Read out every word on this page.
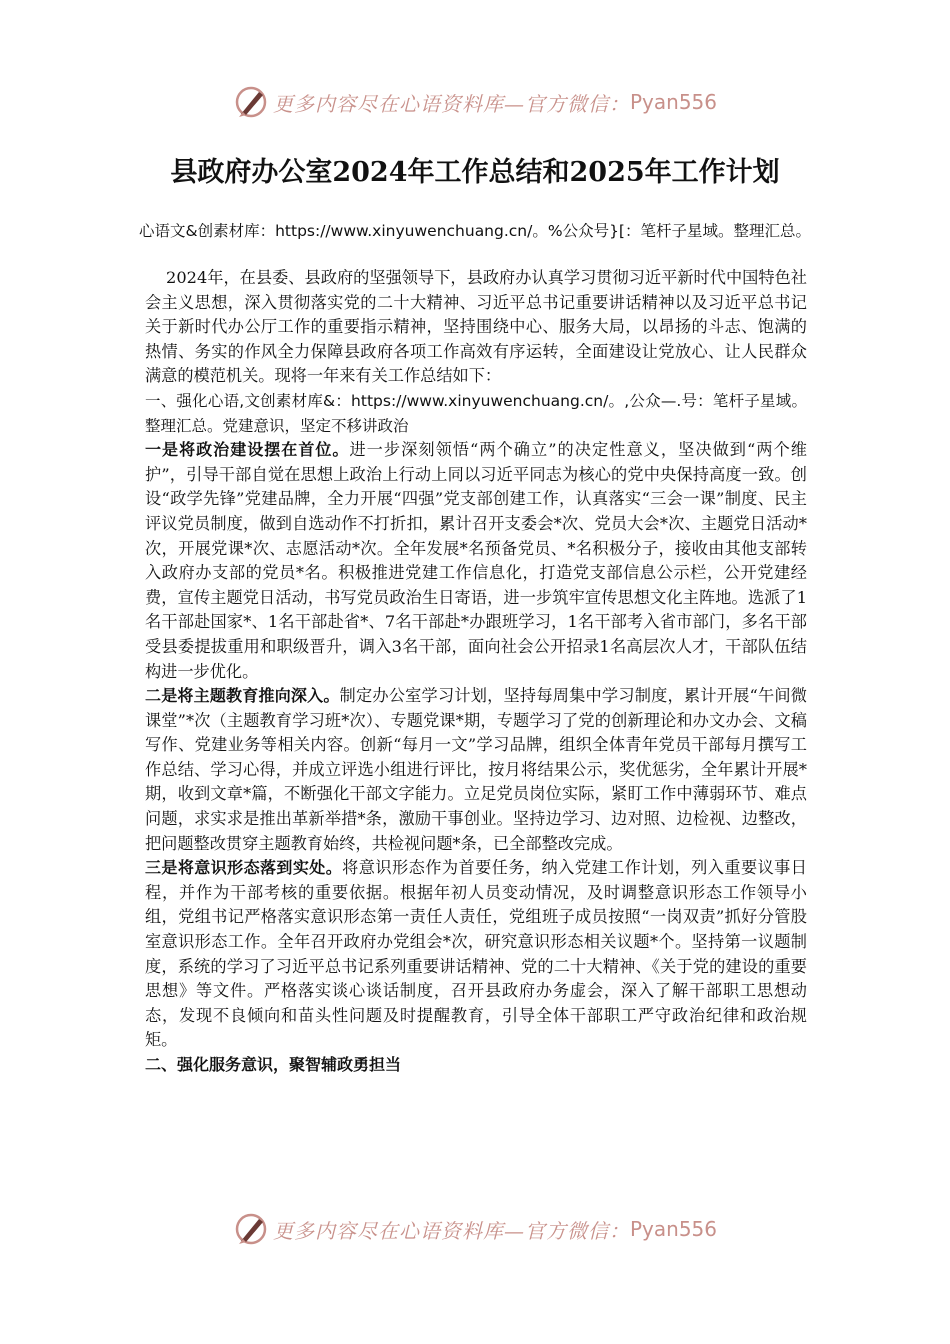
更多内容尽在心语资料库—官方微信： Pyan556
县政府办公室2024年工作总结和2025年工作计划
心语文&创素材库：https://www.xinyuwenchuang.cn/。%公众号}[：笔杆子星域。整理汇总。

2024年，在县委、县政府的坚强领导下，县政府办认真学习贯彻习近平新时代中国特色社会主义思想，深入贯彻落实党的二十大精神、习近平总书记重要讲话精神以及习近平总书记关于新时代办公厅工作的重要指示精神，坚持围绕中心、服务大局，以昂扬的斗志、饱满的热情、务实的作风全力保障县政府各项工作高效有序运转，全面建设让党放心、让人民群众满意的模范机关。现将一年来有关工作总结如下：

一、强化心语,文创素材库&：https://www.xinyuwenchuang.cn/。,公众—.号：笔杆子星域。整理汇总。党建意识，坚定不移讲政治

一是将政治建设摆在首位。进一步深刻领悟“两个确立”的决定性意义，坚决做到“两个维护”，引导干部自觉在思想上政治上行动上同以习近平同志为核心的党中央保持高度一致。创设“政学先锋”党建品牌，全力开展“四强”党支部创建工作，认真落实“三会一课”制度、民主评议党员制度，做到自选动作不打折扣，累计召开支委会*次、党员大会*次、主题党日活动*次，开展党课*次、志愿活动*次。全年发展*名预备党员、*名积极分子，接收由其他支部转入政府办支部的党员*名。积极推进党建工作信息化，打造党支部信息公示栏，公开党建经费，宣传主题党日活动，书写党员政治生日寄语，进一步筑牢宣传思想文化主阵地。选派了1名干部赴国家*、1名干部赴省*、7名干部赴*办跟班学习，1名干部考入省市部门，多名干部受县委提拔重用和职级晋升，调入3名干部，面向社会公开招录1名高层次人才，干部队伍结构进一步优化。

二是将主题教育推向深入。制定办公室学习计划，坚持每周集中学习制度，累计开展“午间微课堂”*次（主题教育学习班*次）、专题党课*期，专题学习了党的创新理论和办文办会、文稿写作、党建业务等相关内容。创新“每月一文”学习品牌，组织全体青年党员干部每月撰写工作总结、学习心得，并成立评选小组进行评比，按月将结果公示，奖优惩劣，全年累计开展*期，收到文章*篇，不断强化干部文字能力。立足党员岗位实际，紧盯工作中薄弱环节、难点问题，求实求是推出革新举措*条，激励干事创业。坚持边学习、边对照、边检视、边整改，把问题整改贯穿主题教育始终，共检视问题*条，已全部整改完成。

三是将意识形态落到实处。将意识形态作为首要任务，纳入党建工作计划，列入重要议事日程，并作为干部考核的重要依据。根据年初人员变动情况，及时调整意识形态工作领导小组，党组书记严格落实意识形态第一责任人责任，党组班子成员按照“一岗双责”抓好分管股室意识形态工作。全年召开政府办党组会*次，研究意识形态相关议题*个。坚持第一议题制度，系统的学习了习近平总书记系列重要讲话精神、党的二十大精神、《关于党的建设的重要思想》等文件。严格落实谈心谈话制度，召开县政府办务虚会，深入了解干部职工思想动态，发现不良倾向和苗头性问题及时提醒教育，引导全体干部职工严守政治纪律和政治规矩。

二、强化服务意识，聚智辅政勇担当

更多内容尽在心语资料库—官方微信： Pyan556
